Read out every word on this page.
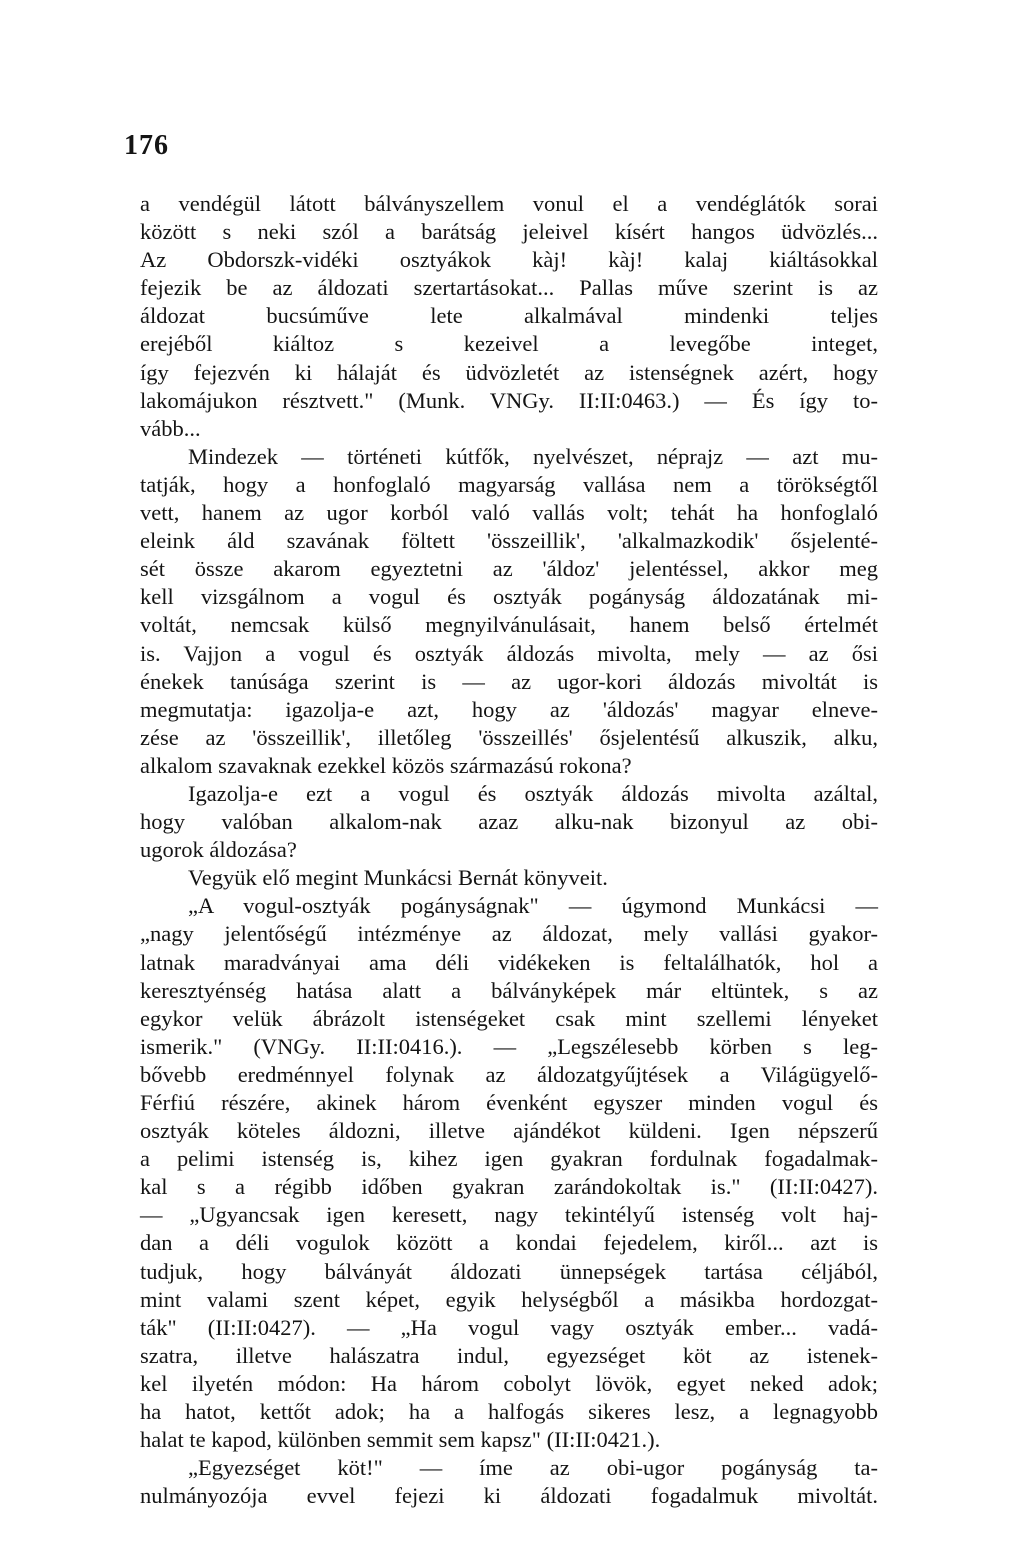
176
a vendégül látott bálványszellem vonul el a vendéglátók sorai
között s neki szól a barátság jeleivel kísért hangos üdvözlés...
Az Obdorszk-vidéki osztyákok kàj! kàj! kalaj kiáltásokkal
fejezik be az áldozati szertartásokat... Pallas műve szerint is az
áldozat bucsúműve lete alkalmával mindenki teljes
erejéből kiáltoz s kezeivel a levegőbe integet,
így fejezvén ki hálaját és üdvözletét az istenségnek azért, hogy
lakomájukon résztvett." (Munk. VNGy. II:II:0463.) — És így to-
vább...
Mindezek — történeti kútfők, nyelvészet, néprajz — azt mu-
tatják, hogy a honfoglaló magyarság vallása nem a törökségtől
vett, hanem az ugor korból való vallás volt; tehát ha honfoglaló
eleink áld szavának föltett 'összeillik', 'alkalmazkodik' ősjelenté-
sét össze akarom egyeztetni az 'áldoz' jelentéssel, akkor meg
kell vizsgálnom a vogul és osztyák pogányság áldozatának mi-
voltát, nemcsak külső megnyilvánulásait, hanem belső értelmét
is. Vajjon a vogul és osztyák áldozás mivolta, mely — az ősi
énekek tanúsága szerint is — az ugor-kori áldozás mivoltát is
megmutatja: igazolja-e azt, hogy az 'áldozás' magyar elneve-
zése az 'összeillik', illetőleg 'összeillés' ősjelentésű alkuszik, alku,
alkalom szavaknak ezekkel közös származású rokona?
Igazolja-e ezt a vogul és osztyák áldozás mivolta azáltal,
hogy valóban alkalom-nak azaz alku-nak bizonyul az obi-
ugorok áldozása?
Vegyük elő megint Munkácsi Bernát könyveit.
„A vogul-osztyák pogányságnak" — úgymond Munkácsi —
„nagy jelentőségű intézménye az áldozat, mely vallási gyakor-
latnak maradványai ama déli vidékeken is feltalálhatók, hol a
keresztyénség hatása alatt a bálványképek már eltüntek, s az
egykor velük ábrázolt istenségeket csak mint szellemi lényeket
ismerik." (VNGy. II:II:0416.). — „Legszélesebb körben s leg-
bővebb eredménnyel folynak az áldozatgyűjtések a Világügyelő-
Férfiú részére, akinek három évenként egyszer minden vogul és
osztyák köteles áldozni, illetve ajándékot küldeni. Igen népszerű
a pelimi istenség is, kihez igen gyakran fordulnak fogadalmak-
kal s a régibb időben gyakran zarándokoltak is." (II:II:0427).
— „Ugyancsak igen keresett, nagy tekintélyű istenség volt haj-
dan a déli vogulok között a kondai fejedelem, kiről... azt is
tudjuk, hogy bálványát áldozati ünnepségek tartása céljából,
mint valami szent képet, egyik helységből a másikba hordozgat-
ták" (II:II:0427). — „Ha vogul vagy osztyák ember... vadá-
szatra, illetve halászatra indul, egyezséget köt az istenek-
kel ilyetén módon: Ha három cobolyt lövök, egyet neked adok;
ha hatot, kettőt adok; ha a halfogás sikeres lesz, a legnagyobb
halat te kapod, különben semmit sem kapsz" (II:II:0421.).
„Egyezséget köt!" — íme az obi-ugor pogányság ta-
nulmányozója evvel fejezi ki áldozati fogadalmuk mivoltát.
